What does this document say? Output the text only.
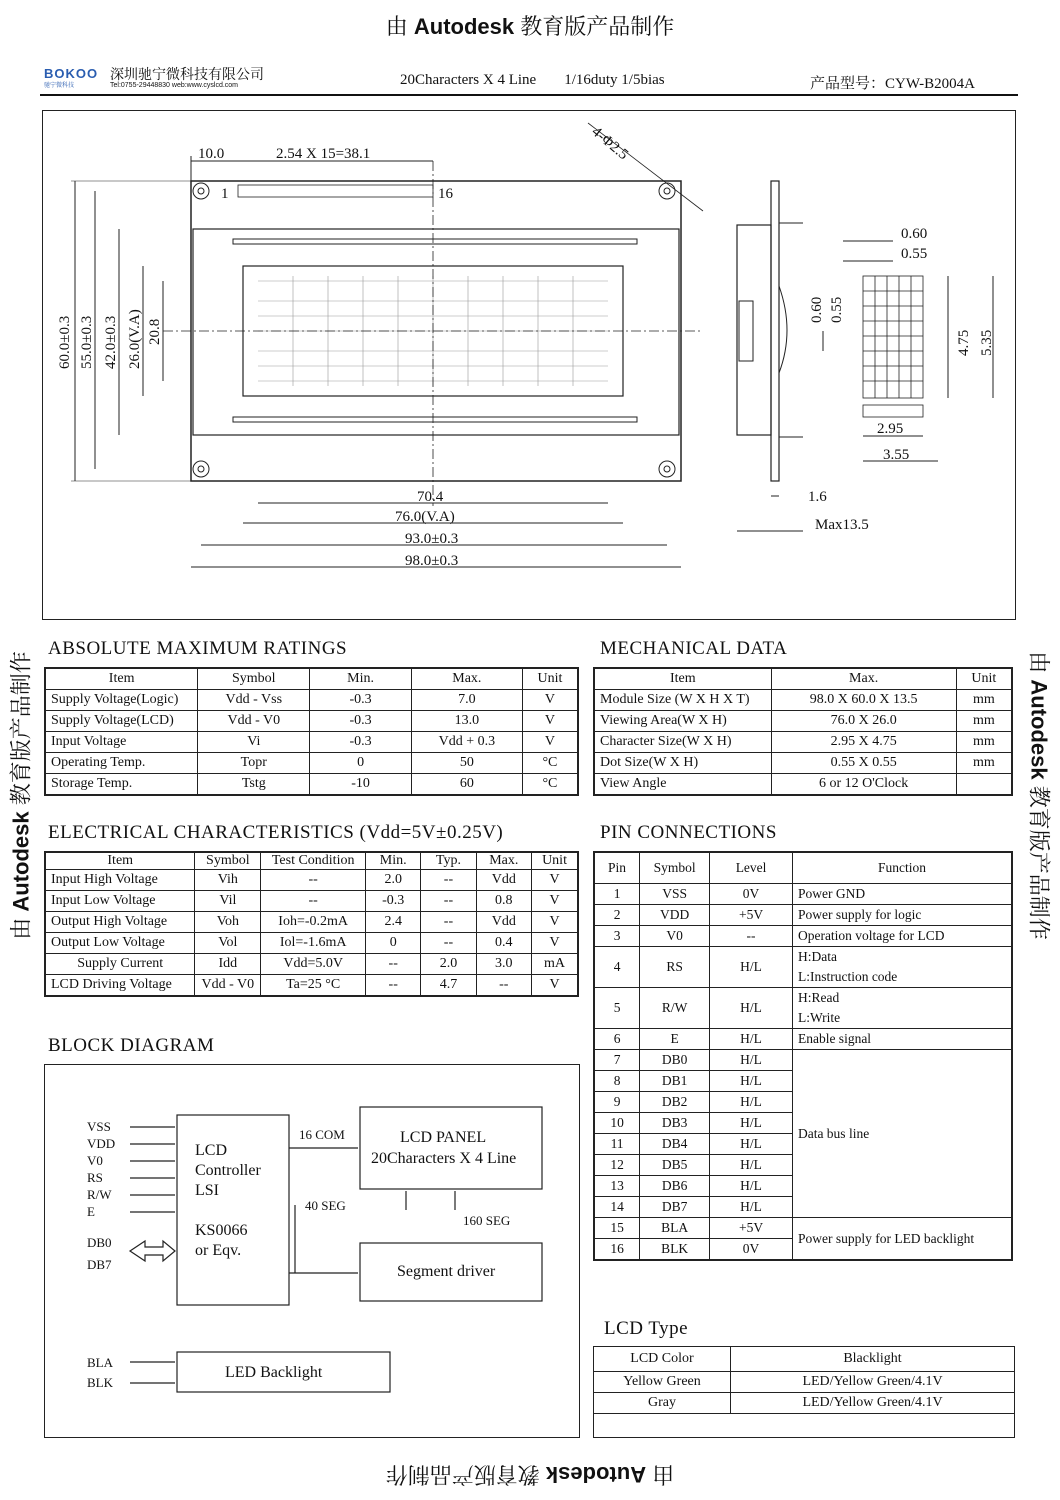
由 Autodesk 教育版产品制作
由 Autodesk 教育版产品制作
由 Autodesk 教育版产品制作	由 Autodesk 教育版产品制作
BOKOO
驰宁微科技
深圳驰宁微科技有限公司
Tel:0755-29448830 web:www.cyslcd.com	20Characters X 4 Line 1/16duty 1/5bias	产品型号：CYW-B2004A
10.0	2.54 X 15=38.1	4-Φ2.5
1	16
60.0±0.3 55.0±0.3 42.0±0.3 26.0(V.A) 20.8
70.4
76.0(V.A)
93.0±0.3
98.0±0.3
1.6
Max13.5
0.60
0.55
0.60 0.55
4.75 5.35
2.95
3.55
ABSOLUTE MAXIMUM RATINGS
Item	Symbol	Min.	Max.	Unit
Supply Voltage(Logic)	Vdd - Vss	-0.3	7.0	V
Supply Voltage(LCD)	Vdd - V0	-0.3	13.0	V
Input Voltage	Vi	-0.3	Vdd + 0.3	V
Operating Temp.	Topr	0	50	°C
Storage Temp.	Tstg	-10	60	°C
MECHANICAL DATA
Item	Max.	Unit
Module Size (W X H X T)	98.0 X 60.0 X 13.5	mm
Viewing Area(W X H)	76.0 X 26.0	mm
Character Size(W X H)	2.95 X 4.75	mm
Dot Size(W X H)	0.55 X 0.55	mm
View Angle	6 or 12 O'Clock	
ELECTRICAL CHARACTERISTICS (Vdd=5V±0.25V)
Item	Symbol	Test Condition	Min.	Typ.	Max.	Unit
Input High Voltage	Vih	--	2.0	--	Vdd	V
Input Low Voltage	Vil	--	-0.3	--	0.8	V
Output High Voltage	Voh	Ioh=-0.2mA	2.4	--	Vdd	V
Output Low Voltage	Vol	Iol=-1.6mA	0	--	0.4	V
Supply Current	Idd	Vdd=5.0V	--	2.0	3.0	mA
LCD Driving Voltage	Vdd - V0	Ta=25 °C	--	4.7	--	V
PIN CONNECTIONS
Pin	Symbol	Level	Function
1	VSS	0V	Power GND
2	VDD	+5V	Power supply for logic
3	V0	--	Operation voltage for LCD
4	RS	H/L	H:Data
L:Instruction code
5	R/W	H/L	H:Read
L:Write
6	E	H/L	Enable signal
7	DB0	H/L	Data bus line
8	DB1	H/L	
9	DB2	H/L	
10	DB3	H/L	
11	DB4	H/L	
12	DB5	H/L	
13	DB6	H/L	
14	DB7	H/L	
15	BLA	+5V	Power supply for LED backlight
16	BLK	0V	
BLOCK DIAGRAM
VSS
VDD
V0
RS
R/W
E
DB0
DB7
BLA
BLK
16 COM
40 SEG
160 SEG
LCD
Controller
LSI
KS0066
or Eqv.
LCD PANEL
20Characters X 4 Line
Segment driver
LED Backlight
LCD Type
LCD Color	Blacklight
Yellow Green	LED/Yellow Green/4.1V
Gray	LED/Yellow Green/4.1V
